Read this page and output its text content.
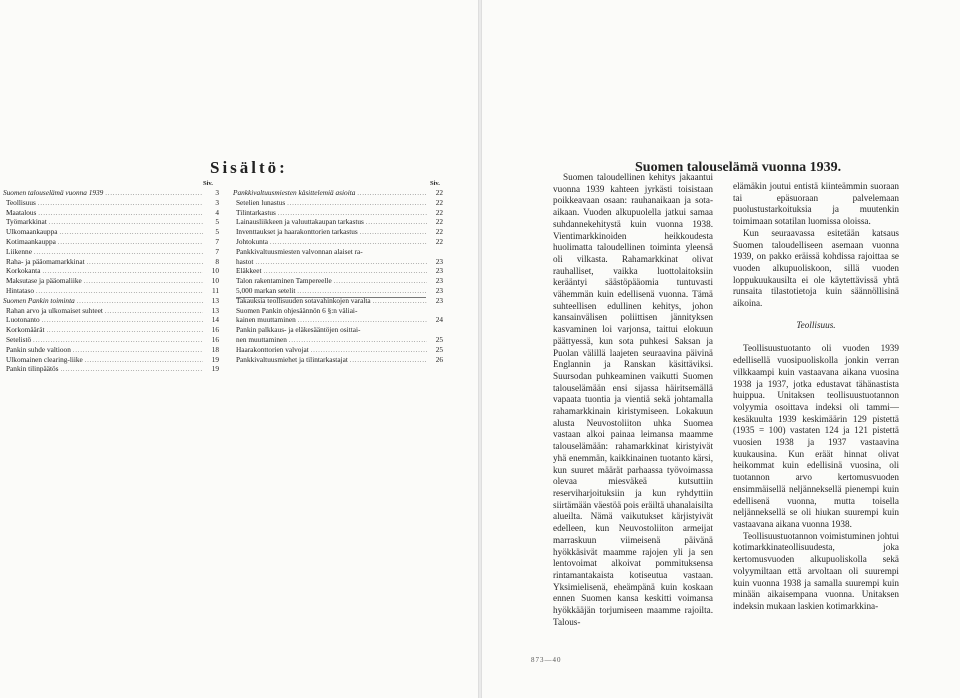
Sisältö:
Siv.	Siv.
Suomen talouselämä vuonna 1939 .....	3
Teollisuus .....	3
Maatalous .....	4
Työmarkkinat .....	5
Ulkomaankauppa .....	5
Kotimaankauppa .....	7
Liikenne .....	7
Raha- ja pääomamarkkinat .....	8
Korkokanta .....	10
Maksutase ja pääomaliike .....	10
Hintataso .....	11
Suomen Pankin toiminta .....	13
Rahan arvo ja ulkomaiset suhteet .....	13
Luotonanto .....	14
Korkomäärät .....	16
Setelistö .....	16
Pankin suhde valtioon .....	18
Ulkomainen clearing-liike .....	19
Pankin tilinpäätös .....	19
Pankkivaltuusmiesten käsittelemiä asioita .....	22
Setelien lunastus .....	22
Tilintarkastus .....	22
Lainausliikkeen ja valuuttakaupan tarkastus .....	22
Inventtaukset ja haarakonttorien tarkastus .....	22
Johtokunta .....	22
Pankkivaltuusmiesten valvonnan alaiset ra-
hastot .....	23
Eläkkeet .....	23
Talon rakentaminen Tampereelle .....	23
5,000 markan setelit .....	23
Takauksia teollisuuden sotavahinkojen varalta .....	23
Suomen Pankin ohjesäännön 6 §:n väliai-
kainen muuttaminen .....	24
Pankin palkkaus- ja eläkesääntöjen osittai-
nen muuttaminen .....	25
Haarakonttorien valvojat .....	25
Pankkivaltuusmiehet ja tilintarkastajat .....	26
Suomen talouselämä vuonna 1939.

Suomen taloudellinen kehitys jakaantui vuonna 1939 kahteen jyrkästi toisistaan poikkeavaan osaan: rauhanaikaan ja sota-aikaan. Vuoden alkupuolella jatkui samaa suhdannekehitystä kuin vuonna 1938. Vientimarkkinoiden heikkoudesta huolimatta taloudellinen toiminta yleensä oli vilkasta. Rahamarkkinat olivat rauhalliset, vaikka luottolaitoksiin kerääntyi säästöpääomia tuntuvasti vähemmän kuin edellisenä vuonna. Tämä suhteellisen edullinen kehitys, johon kansainvälisen poliittisen jännityksen kasvaminen loi varjonsa, taittui elokuun päättyessä, kun sota puhkesi Saksan ja Puolan välillä laajeten seuraavina päivinä Englannin ja Ranskan käsittäviksi. Suursodan puhkeaminen vaikutti Suomen talouselämään ensi sijassa häiritsemällä vapaata tuontia ja vientiä sekä johtamalla rahamarkkinain kiristymiseen. Lokakuun alusta Neuvostoliiton uhka Suomea vastaan alkoi painaa leimansa maamme talouselämään: rahamarkkinat kiristyivät yhä enemmän, kaikkinainen tuotanto kärsi, kun suuret määrät parhaassa työvoimassa olevaa miesväkeä kutsuttiin reserviharjoituksiin ja kun ryhdyttiin siirtämään väestöä pois eräiltä uhanalaisilta alueilta. Nämä vaikutukset kärjistyivät edelleen, kun Neuvostoliiton armeijat marraskuun viimeisenä päivänä hyökkäsivät maamme rajojen yli ja sen lentovoimat alkoivat pommituksensa rintamantakaista kotiseutua vastaan. Yksimielisenä, eheämpänä kuin koskaan ennen Suomen kansa keskitti voimansa hyökkääjän torjumiseen maamme rajoilta. Talous-

elämäkin joutui entistä kiinteämmin suoraan tai epäsuoraan palvelemaan puolustustarkoituksia ja muutenkin toimimaan sotatilan luomissa oloissa.

Kun seuraavassa esitetään katsaus Suomen taloudelliseen asemaan vuonna 1939, on pakko eräissä kohdissa rajoittaa se vuoden alkupuoliskoon, sillä vuoden loppukuukausilta ei ole käytettävissä yhtä runsaita tilastotietoja kuin säännöllisinä aikoina.

Teollisuus.

Teollisuustuotanto oli vuoden 1939 edellisellä vuosipuoliskolla jonkin verran vilkkaampi kuin vastaavana aikana vuosina 1938 ja 1937, jotka edustavat tähänastista huippua. Unitaksen teollisuustuotannon volyymia osoittava indeksi oli tammi—kesäkuulta 1939 keskimäärin 129 pistettä (1935 = 100) vastaten 124 ja 121 pistettä vuosien 1938 ja 1937 vastaavina kuukausina. Kun eräät hinnat olivat heikommat kuin edellisinä vuosina, oli tuotannon arvo kertomusvuoden ensimmäisellä neljänneksellä pienempi kuin edellisenä vuonna, mutta toisella neljänneksellä se oli hiukan suurempi kuin vastaavana aikana vuonna 1938.

Teollisuustuotannon voimistuminen johtui kotimarkkinateollisuudesta, joka kertomusvuoden alkupuoliskolla sekä volyymiltaan että arvoltaan oli suurempi kuin vuonna 1938 ja samalla suurempi kuin minään aikaisempana vuonna. Unitaksen indeksin mukaan laskien kotimarkkina-

873—40
